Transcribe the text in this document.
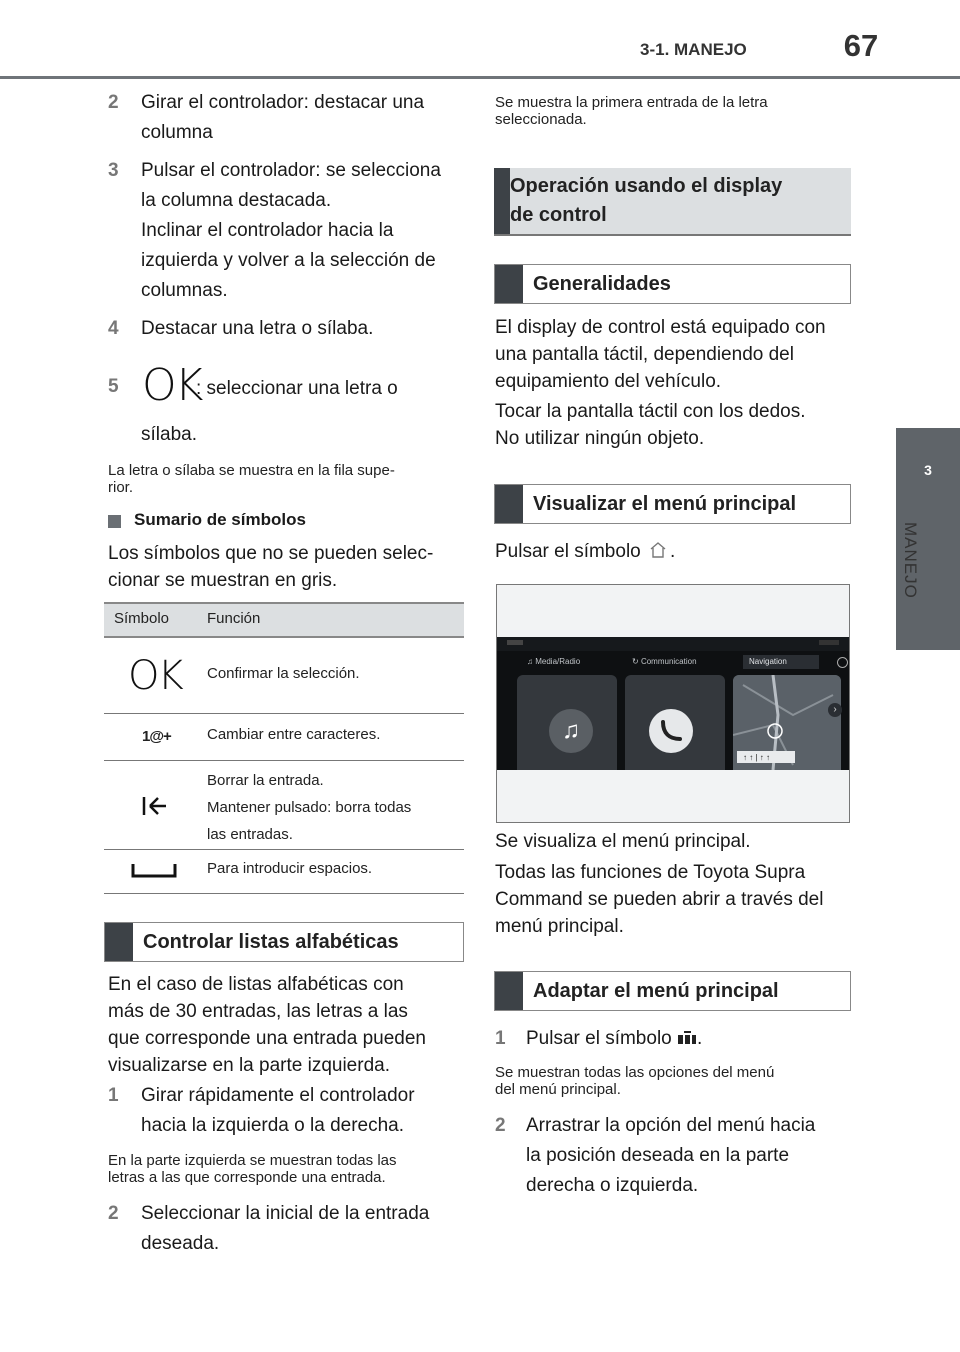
3-1. MANEJO	67
3
MANEJO
2 Girar el controlador: destacar una
columna
3 Pulsar el controlador: se selecciona
la columna destacada.
Inclinar el controlador hacia la
izquierda y volver a la selección de
columnas.
4 Destacar una letra o sílaba.
5 OK
: seleccionar una letra o
sílaba.
La letra o sílaba se muestra en la fila supe-
rior.
Sumario de símbolos
Los símbolos que no se pueden selec-
cionar se muestran en gris.
Símbolo	Función
OK Confirmar la selección.
1@+ Cambiar entre caracteres.
Borrar la entrada.
Mantener pulsado: borra todas
las entradas.
Para introducir espacios.
Controlar listas alfabéticas
En el caso de listas alfabéticas con
más de 30 entradas, las letras a las
que corresponde una entrada pueden
visualizarse en la parte izquierda.
1 Girar rápidamente el controlador
hacia la izquierda o la derecha.
En la parte izquierda se muestran todas las
letras a las que corresponde una entrada.
2 Seleccionar la inicial de la entrada
deseada.
Se muestra la primera entrada de la letra
seleccionada.
Operación usando el display
de control
Generalidades
El display de control está equipado con
una pantalla táctil, dependiendo del
equipamiento del vehículo.
Tocar la pantalla táctil con los dedos.
No utilizar ningún objeto.
Visualizar el menú principal
Pulsar el símbolo .
♫ Media/Radio	↻ Communication	Navigation
♫
↑ ↑ | ↑ ↑
›
Se visualiza el menú principal.
Todas las funciones de Toyota Supra
Command se pueden abrir a través del
menú principal.
Adaptar el menú principal
1 Pulsar el símbolo .
Se muestran todas las opciones del menú
del menú principal.
2 Arrastrar la opción del menú hacia
la posición deseada en la parte
derecha o izquierda.
